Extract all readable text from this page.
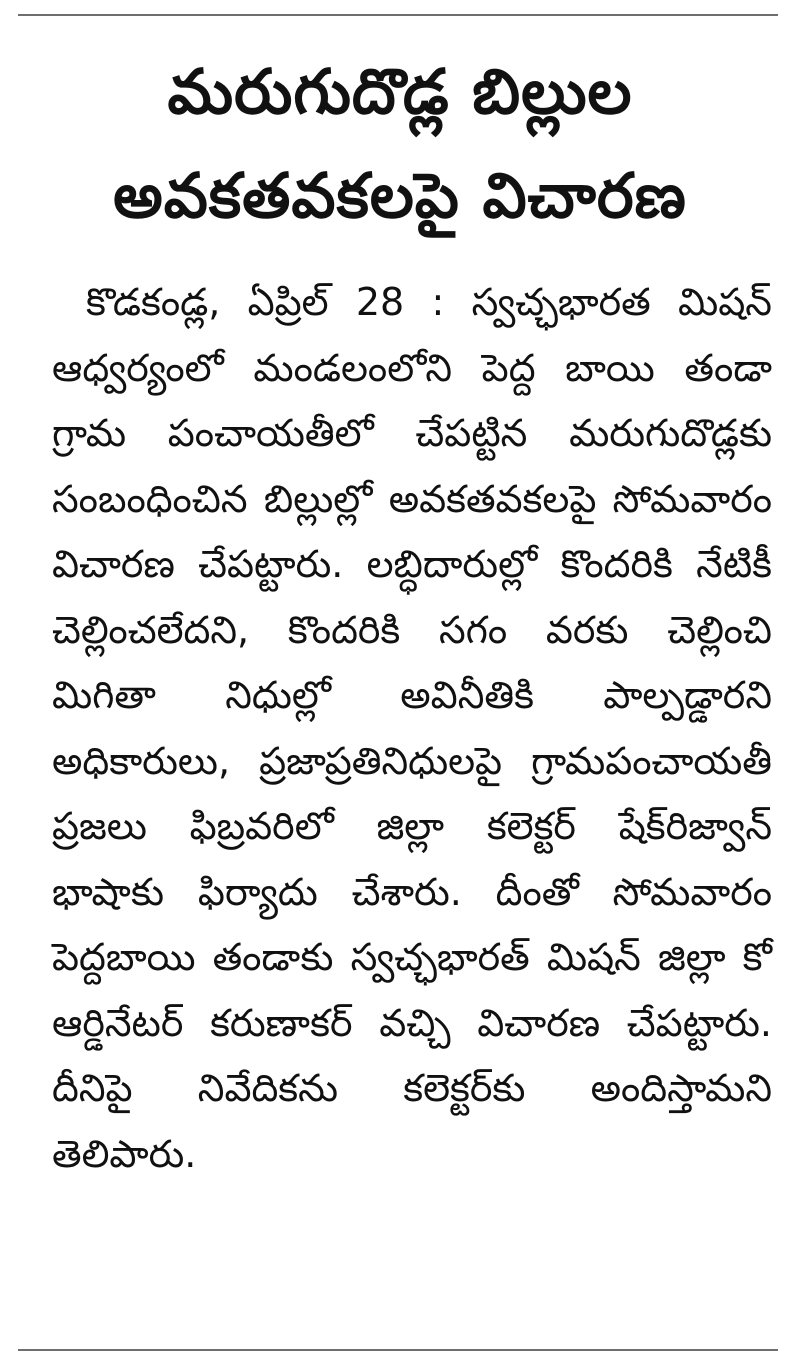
మరుగుదొడ్ల బిల్లుల
అవకతవకలపై విచారణ

కొడకండ్ల, ఏప్రిల్ 28 : స్వచ్ఛభారత మిషన్ ఆధ్వర్యంలో మండలంలోని పెద్ద బాయి తండా గ్రామ పంచాయతీలో చేపట్టిన మరుగుదొడ్లకు సంబంధించిన బిల్లుల్లో అవకతవకలపై సోమవారం విచారణ చేపట్టారు. లబ్ధిదారుల్లో కొందరికి నేటికీ చెల్లించలేదని, కొందరికి సగం వరకు చెల్లించి మిగితా నిధుల్లో అవినీతికి పాల్పడ్డారని అధికారులు, ప్రజాప్రతినిధులపై గ్రామపంచాయతీ ప్రజలు ఫిబ్రవరిలో జిల్లా కలెక్టర్ షేక్‌రిజ్వాన్ భాషాకు ఫిర్యాదు చేశారు. దీంతో సోమవారం పెద్దబాయి తండాకు స్వచ్ఛభారత్ మిషన్ జిల్లా కో ఆర్డినేటర్ కరుణాకర్ వచ్చి విచారణ చేపట్టారు. దీనిపై నివేదికను కలెక్టర్‌కు అందిస్తామని తెలిపారు.
